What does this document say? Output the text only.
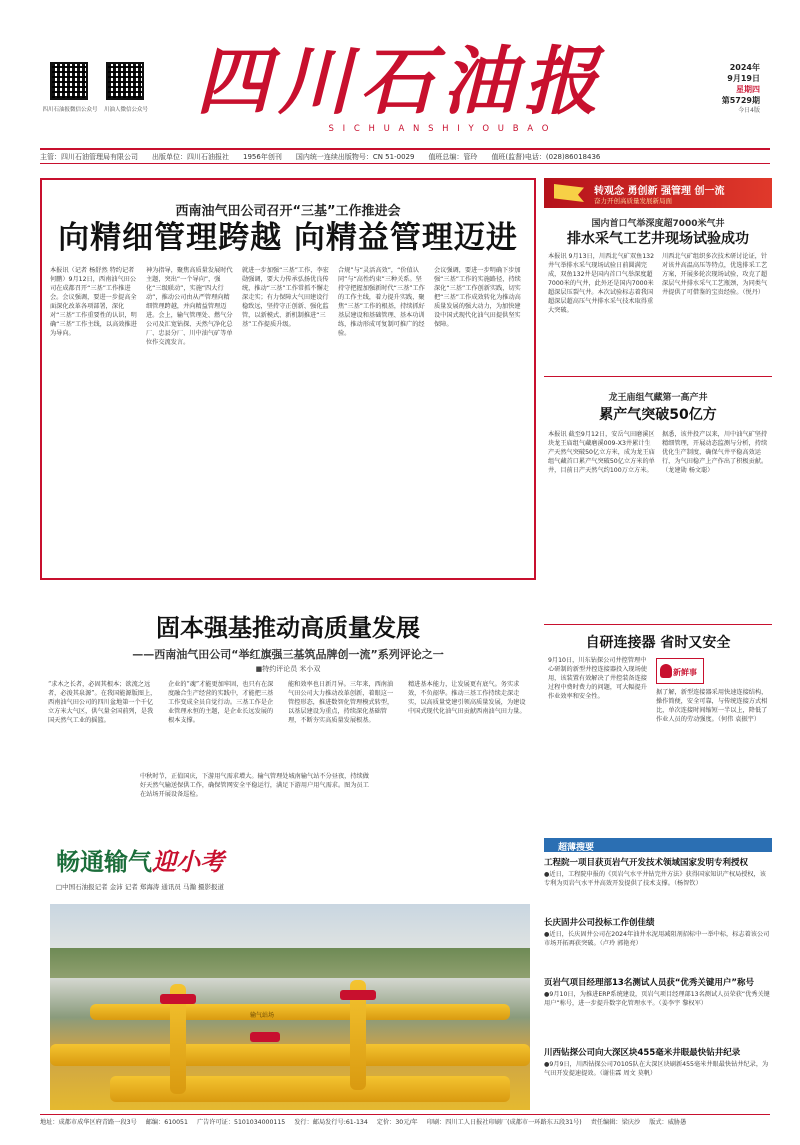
四川石油报微信公众号	川油人微信公众号 四川石油报
S I C H U A N S H I Y O U B A O
2024年
9月19日
星期四
第5729期
今日4版
主管：四川石油管理局有限公司 出版单位：四川石油报社 1956年创刊 国内统一连续出版物号：CN 51-0029 值班总编：管玲 值班(监督)电话：(028)86018436
西南油气田公司召开“三基”工作推进会
向精细管理跨越 向精益管理迈进
本报讯（记者 杨舒然 特约记者 何鹏）9月12日，西南油气田公司在成都召开“三基”工作推进会。会议强调，要进一步提高全面深化改革各项部署，深化对“三基”工作重要性的认识，明确“三基”工作主线，以高效推进为导向。
神为指导，聚焦高质量发展时代主题，突出“一个导向”，强化“三级联动”，实施“四大行动”，推动公司由从严管理向精细管理跨越，并向精益管理迈进。会上，输气管理处、燃气分公司及汇宽钻探、天然气净化总厂、忠县分厂、川中油气矿等单位作交流发言。
就进一步加强“三基”工作，李宏勋强调，要大力传承弘扬优良传统，推动“三基”工作常抓不懈走深走实；有力保障大气田建设行稳致远，坚持守正创新、强化监管，以新模式、新机制推进“三基”工作提质升级。
合规”与“灵活高效”，“价值认同”与“高性约束”三种关系。坚持守把握加强新时代“三基”工作的工作主线，着力提升实践，聚焦“三基”工作的根基，持续抓好基层建设和基础管理、基本功训练，推动形成可复制可推广的经验。
会议强调，要进一步明确下步加强“三基”工作的实施路径，持续深化“三基”工作创新实践，切实把“三基”工作成效转化为推动高质量发展的强大动力，为加快建设中国式现代化油气田提供坚实保障。
固本强基推动高质量发展
——西南油气田公司“举红旗强三基筑品牌创一流”系列评论之一
■特约评论员 米小双
“求木之长者，必固其根本；欲流之远者，必浚其泉源”。在我国能源版图上，西南油气田公司的四川盆地第一个千亿立方米大气区，供气量全国前列，是我国天然气工业的摇篮。
企业的“魂”才能更加牢固，也只有在深度融合生产经营的实践中，才能把三基工作变成全员自觉行动。三基工作是企业管理永恒的主题，是企业长远发展的根本支撑。
能和效率也日新月异。三年来，西南油气田公司大力推动改革创新，着眼这一管控形态，推进数智化管理模式转型，以基层建设为重点，持续深化基础管理，不断夯实高质量发展根基。
精进基本能力，让发展更有底气。务实求效，不负韶华。推动三基工作持续走深走实，以高质量党建引领高质量发展，为建设中国式现代化油气田贡献西南油气田力量。
畅通输气迎小考
□中国石油报记者 金沛 记者 郑海涛 通讯员 马瀚 摄影报道
中秋时节，正值国庆，下游用气需求增大。输气管理处城南输气站不分昼夜，持续做好天然气输送保供工作，确保管网安全平稳运行，满足下游用户用气需求。图为员工在站场开展设备巡检。
输气站场
转观念 勇创新 强管理 创一流
奋力开创高质量发展新局面
国内首口气举深度超7000米气井
排水采气工艺井现场试验成功
本报讯 9月13日，川西北气矿双鱼132井气举排水采气现场试验日前圆满完成，双鱼132井是国内首口气举深度超7000米的气井，此外还是国内7000米超深层压裂气井。本次试验标志着我国超深层超高压气井排水采气技术取得重大突破。
川西北气矿组织多次技术研讨论证，针对该井高温高压等特点，优选排采工艺方案，开展多轮次现场试验，攻克了超深层气井排水采气工艺瓶颈，为同类气井提供了可借鉴的宝贵经验。（悦丹）
龙王庙组气藏第一高产井
累产气突破50亿方
本报讯 截至9月12日，安岳气田磨溪区块龙王庙组气藏磨溪009-X3井累计生产天然气突破50亿立方米，成为龙王庙组气藏首口累产气突破50亿立方米的单井，目前日产天然气约100万立方米。
据悉，该井投产以来，川中油气矿坚持精细管理，开展动态监测与分析，持续优化生产制度，确保气井平稳高效运行，为气田稳产上产作出了积极贡献。（龙建勋 杨文聪）
自研连接器 省时又安全
9月10日，川东钻探公司井控管理中心研制的新型井控连接器投入现场使用，该装置有效解决了井控装备连接过程中费时费力的问题，可大幅提升作业效率和安全性。
新鲜事
据了解，新型连接器采用快速连接结构，操作简便，安全可靠，与传统连接方式相比，单次连接时间缩短一半以上，降低了作业人员的劳动强度。（何伟 袁振宇）
超薄搜要
工程院一项目获页岩气开发技术领域国家发明专利授权
●近日，工程院申报的《页岩气水平井钻完井方法》获得国家知识产权局授权，该专利为页岩气水平井高效开发提供了技术支撑。（杨智钦）
长庆固井公司投标工作创佳绩
●近日，长庆固井公司在2024年油井水泥用减阻剂招标中一举中标，标志着该公司市场开拓再获突破。（卢玲 郭艳亮）
页岩气项目经理部13名测试人员获“优秀关键用户”称号
●9月10日，为推进ERP系统建设，页岩气项目经理部13名测试人员荣获“优秀关键用户”称号，进一步提升数字化管理水平。（姜李宇 黎权军）
川西钻探公司向大深区块455毫米井眼最快钻井纪录
●9月9日，川西钻探公司70105队在大深区块刷新455毫米井眼最快钻井纪录，为气田开发提速提效。（谢佳霖 周文 莫帆）
地址：成都市成华区府青路一段3号 邮编：610051 广告许可证：5101034000115 发行：邮局发行号:61-134 定价：30元/年 印刷：四川工人日报社印刷厂(成都市一环路东五段31号) 责任编辑：梁庆沙 版式：威胁愚
